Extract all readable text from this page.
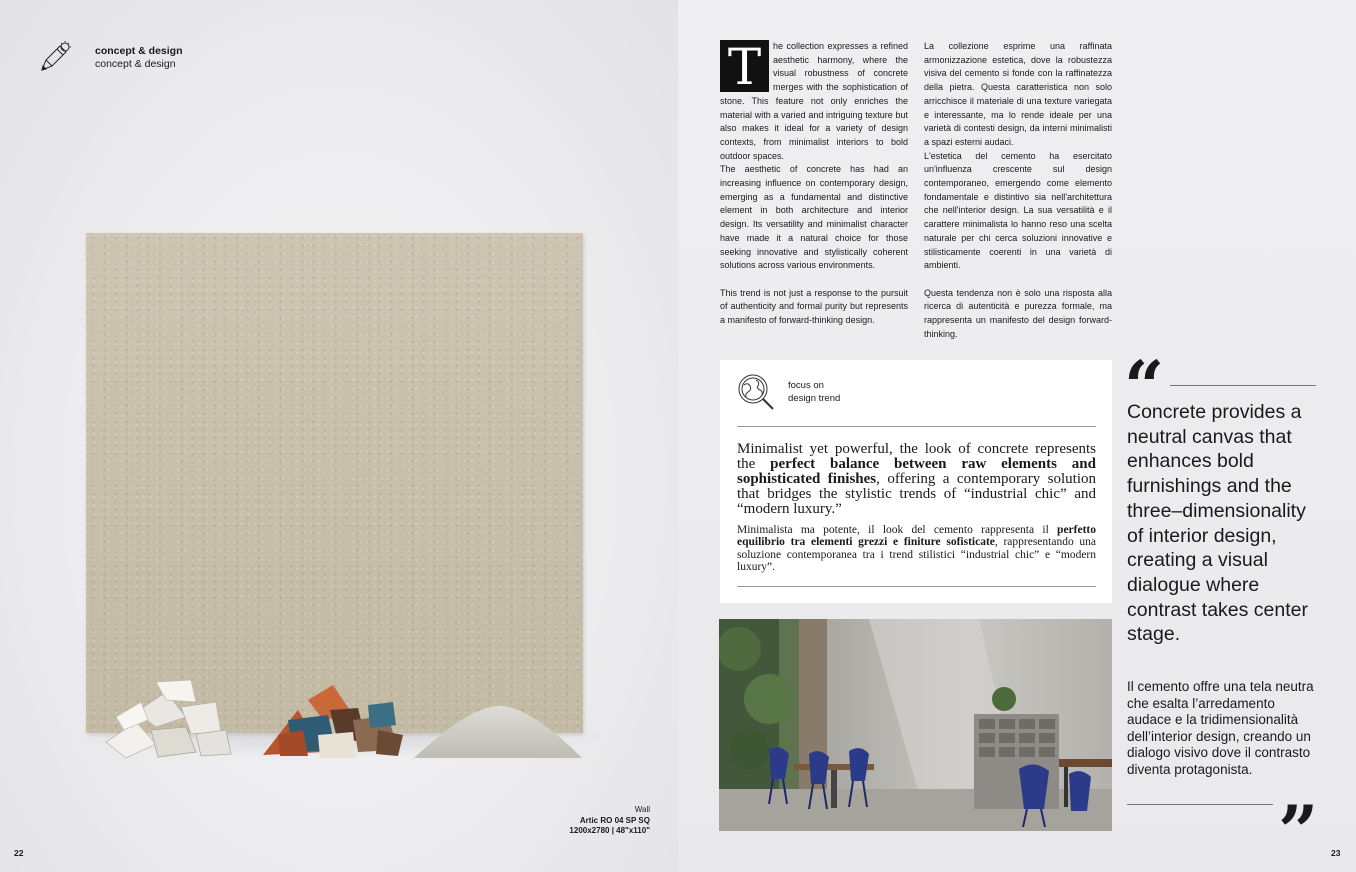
concept & design
concept & design
Wall
Artic RO 04 SP SQ
1200x2780 | 48"x110"
22
T	he collection expresses a refined aesthetic harmony, where the visual robustness of concrete merges with the sophistication of stone. This feature not only enriches the material with a varied and intriguing texture but also makes it ideal for a variety of design contexts, from minimalist interiors to bold outdoor spaces.

The aesthetic of concrete has had an increasing influence on contemporary design, emerging as a fundamental and distinctive element in both architecture and interior design. Its versatility and minimalist character have made it a natural choice for those seeking innovative and stylistically coherent solutions across various environments.

This trend is not just a response to the pursuit of authenticity and formal purity but represents a manifesto of forward-thinking design.

La collezione esprime una raffinata armonizzazione estetica, dove la robustezza visiva del cemento si fonde con la raffinatezza della pietra. Questa caratteristica non solo arricchisce il materiale di una texture variegata e interessante, ma lo rende ideale per una varietà di contesti design, da interni minimalisti a spazi esterni audaci.

L'estetica del cemento ha esercitato un'influenza crescente sul design contemporaneo, emergendo come elemento fondamentale e distintivo sia nell'architettura che nell'interior design. La sua versatilità e il carattere minimalista lo hanno reso una scelta naturale per chi cerca soluzioni innovative e stilisticamente coerenti in una varietà di ambienti.

Questa tendenza non è solo una risposta alla ricerca di autenticità e purezza formale, ma rappresenta un manifesto del design forward-thinking.

focus on
design trend
Minimalist yet powerful, the look of concrete represents the perfect balance between raw elements and sophisticated finishes, offering a contemporary solution that bridges the stylistic trends of “industrial chic” and “modern luxury.”
Minimalista ma potente, il look del cemento rappresenta il perfetto equilibrio tra elementi grezzi e finiture sofisticate, rappresentando una soluzione contemporanea tra i trend stilistici “industrial chic” e “modern luxury”.
“
Concrete provides a neutral canvas that enhances bold furnishings and the three–dimensionality of interior design, creating a visual dialogue where contrast takes center stage.
Il cemento offre una tela neutra che esalta l’arredamento audace e la tridimensionalità dell’interior design, creando un dialogo visivo dove il contrasto diventa protagonista.
” 23
